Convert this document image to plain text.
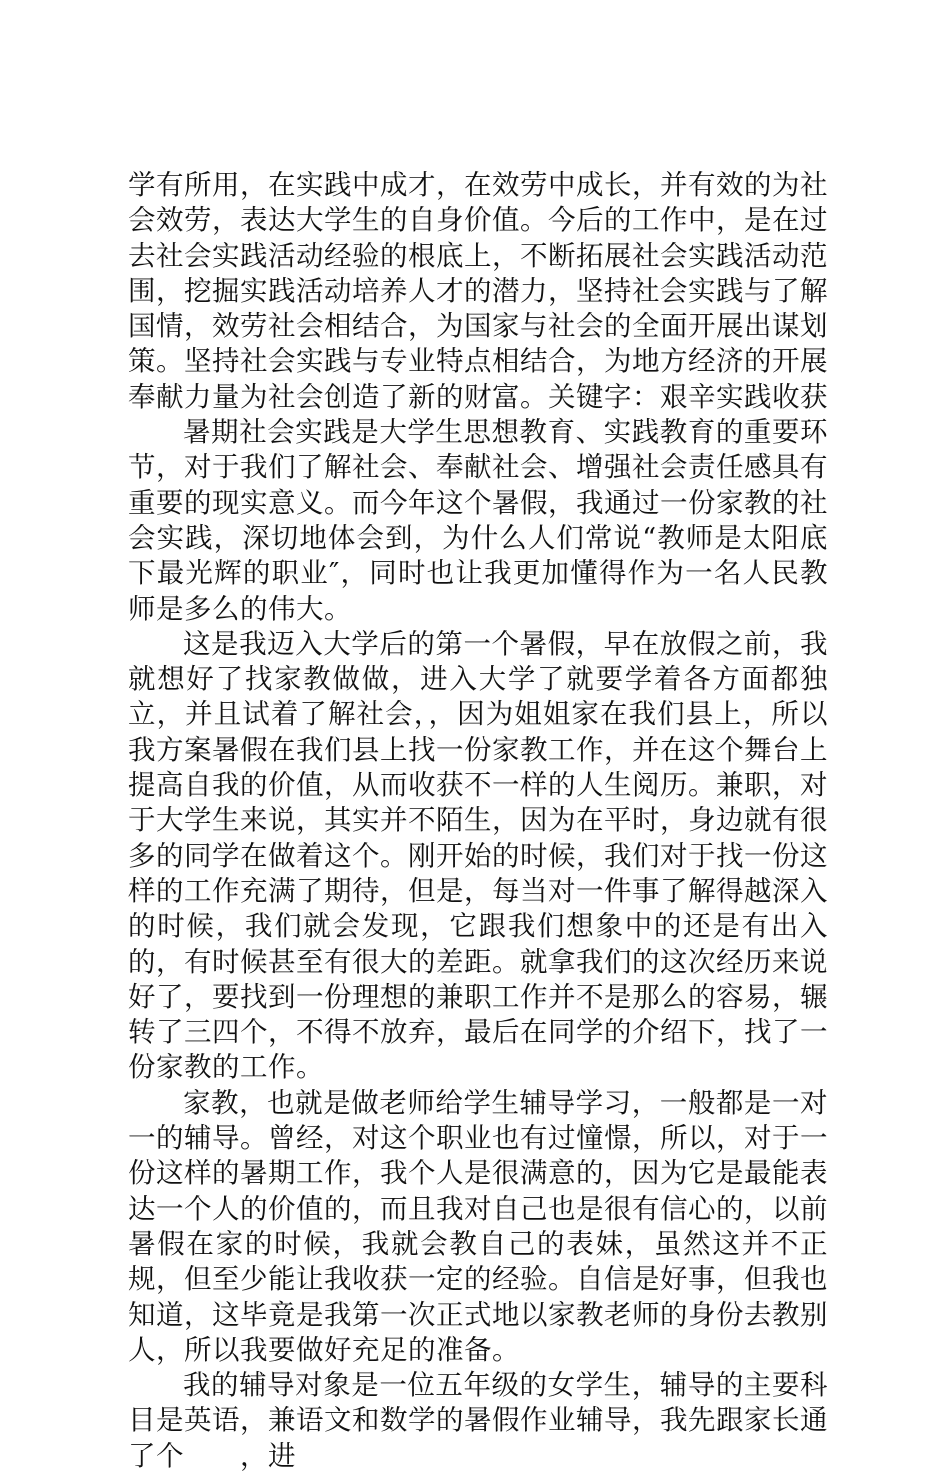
学有所用，在实践中成才，在效劳中成长，并有效的为社会效劳，表达大学生的自身价值。今后的工作中，是在过去社会实践活动经验的根底上，不断拓展社会实践活动范围，挖掘实践活动培养人才的潜力，坚持社会实践与了解国情，效劳社会相结合，为国家与社会的全面开展出谋划策。坚持社会实践与专业特点相结合，为地方经济的开展奉献力量为社会创造了新的财富。关键字：艰辛实践收获

暑期社会实践是大学生思想教育、实践教育的重要环节，对于我们了解社会、奉献社会、增强社会责任感具有重要的现实意义。而今年这个暑假，我通过一份家教的社会实践，深切地体会到，为什么人们常说“教师是太阳底下最光辉的职业″，同时也让我更加懂得作为一名人民教师是多么的伟大。

这是我迈入大学后的第一个暑假，早在放假之前，我就想好了找家教做做，进入大学了就要学着各方面都独立，并且试着了解社会，，因为姐姐家在我们县上，所以我方案暑假在我们县上找一份家教工作，并在这个舞台上提高自我的价值，从而收获不一样的人生阅历。兼职，对于大学生来说，其实并不陌生，因为在平时，身边就有很多的同学在做着这个。刚开始的时候，我们对于找一份这样的工作充满了期待，但是，每当对一件事了解得越深入的时候，我们就会发现，它跟我们想象中的还是有出入的，有时候甚至有很大的差距。就拿我们的这次经历来说好了，要找到一份理想的兼职工作并不是那么的容易，辗转了三四个，不得不放弃，最后在同学的介绍下，找了一份家教的工作。

家教，也就是做老师给学生辅导学习，一般都是一对一的辅导。曾经，对这个职业也有过憧憬，所以，对于一份这样的暑期工作，我个人是很满意的，因为它是最能表达一个人的价值的，而且我对自己也是很有信心的，以前暑假在家的时候，我就会教自己的表妹，虽然这并不正规，但至少能让我收获一定的经验。自信是好事，但我也知道，这毕竟是我第一次正式地以家教老师的身份去教别人，所以我要做好充足的准备。

我的辅导对象是一位五年级的女学生，辅导的主要科目是英语，兼语文和数学的暑假作业辅导，我先跟家长通了个　　，进
